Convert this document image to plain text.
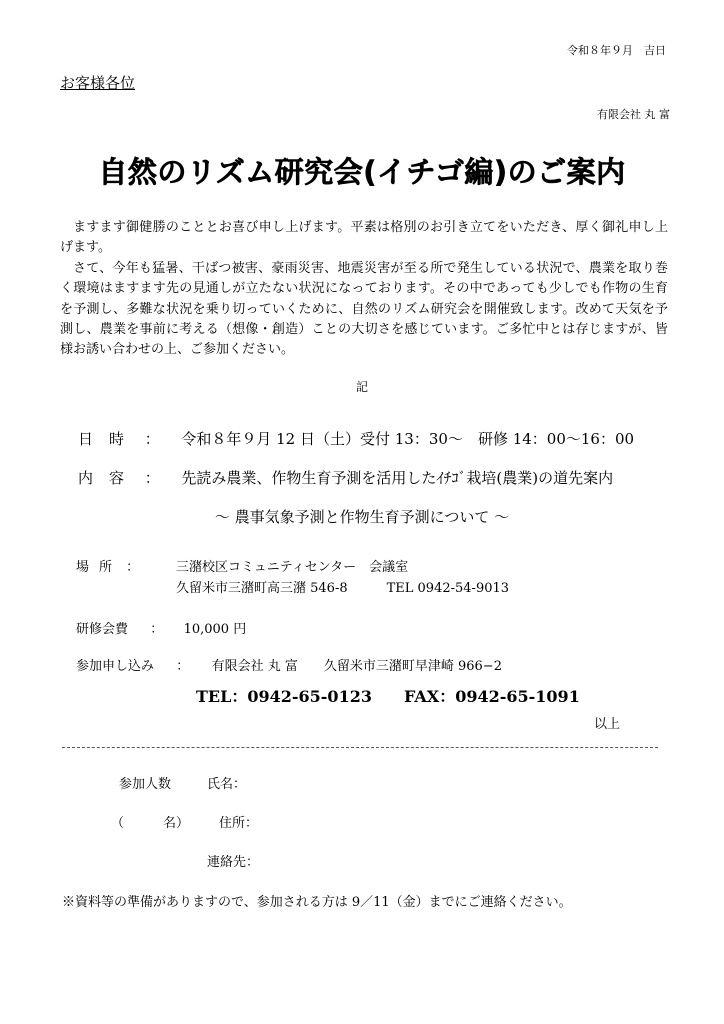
令和８年９月　吉日
お客様各位
有限会社 丸 富
自然のリズム研究会(イチゴ編)のご案内

ますます御健勝のこととお喜び申し上げます。平素は格別のお引き立てをいただき、厚く御礼申し上げます。

さて、今年も猛暑、干ばつ被害、豪雨災害、地震災害が至る所で発生している状況で、農業を取り巻く環境はますます先の見通しが立たない状況になっております。その中であっても少しでも作物の生育を予測し、多難な状況を乗り切っていくために、自然のリズム研究会を開催致します。改めて天気を予測し、農業を事前に考える（想像・創造）ことの大切さを感じています。ご多忙中とは存じますが、皆様お誘い合わせの上、ご参加ください。

記
日時 ： 令和８年９月 12 日（土）受付 13：30〜　研修 14：00〜16：00
内容 ： 先読み農業、作物生育予測を活用したｲﾁｺﾞ栽培(農業)の道先案内
〜 農事気象予測と作物生育予測について 〜
場所 ：	三潴校区コミュニティセンター　会議室
久留米市三潴町高三潴 546-8　　　TEL 0942-54-9013
研修会費 ： 10,000 円
参加申し込み ： 有限会社 丸 富　　久留米市三潴町早津崎 966−2
TEL：0942-65-0123　　FAX：0942-65-1091
以上
参加人数	氏名：
（　　　名） 住所：
連絡先：
※資料等の準備がありますので、参加される方は 9／11（金）までにご連絡ください。
